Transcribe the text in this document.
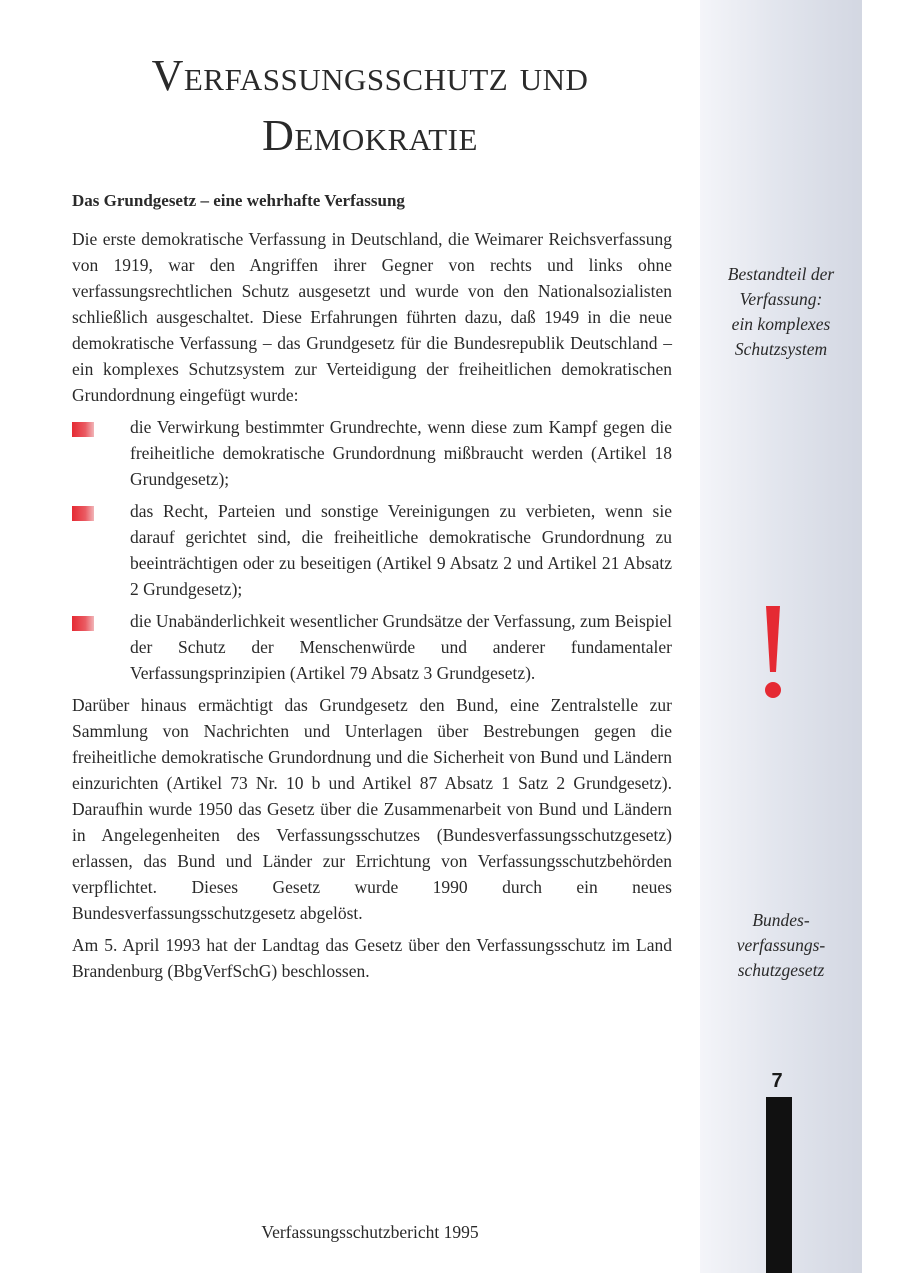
Verfassungsschutz und
Demokratie

Das Grundgesetz – eine wehrhafte Verfassung

Die erste demokratische Verfassung in Deutschland, die Weimarer Reichsverfassung von 1919, war den Angriffen ihrer Gegner von rechts und links ohne verfassungsrechtlichen Schutz ausgesetzt und wurde von den Nationalsozialisten schließlich ausgeschaltet. Diese Erfahrungen führten dazu, daß 1949 in die neue demokratische Verfassung – das Grundgesetz für die Bundesrepublik Deutschland – ein komplexes Schutzsystem zur Verteidigung der freiheitlichen demokratischen Grundordnung eingefügt wurde:

die Verwirkung bestimmter Grundrechte, wenn diese zum Kampf gegen die freiheitliche demokratische Grundordnung mißbraucht werden (Artikel 18 Grundgesetz);
das Recht, Parteien und sonstige Vereinigungen zu verbieten, wenn sie darauf gerichtet sind, die freiheitliche demokratische Grundordnung zu beeinträchtigen oder zu beseitigen (Artikel 9 Absatz 2 und Artikel 21 Absatz 2 Grundgesetz);
die Unabänderlichkeit wesentlicher Grundsätze der Verfassung, zum Beispiel der Schutz der Menschenwürde und anderer fundamentaler Verfassungsprinzipien (Artikel 79 Absatz 3 Grundgesetz).

Darüber hinaus ermächtigt das Grundgesetz den Bund, eine Zentralstelle zur Sammlung von Nachrichten und Unterlagen über Bestrebungen gegen die freiheitliche demokratische Grundordnung und die Sicherheit von Bund und Ländern einzurichten (Artikel 73 Nr. 10 b und Artikel 87 Absatz 1 Satz 2 Grundgesetz). Daraufhin wurde 1950 das Gesetz über die Zusammenarbeit von Bund und Ländern in Angelegenheiten des Verfassungsschutzes (Bundesverfassungsschutzgesetz) erlassen, das Bund und Länder zur Errichtung von Verfassungsschutzbehörden verpflichtet. Dieses Gesetz wurde 1990 durch ein neues Bundesverfassungsschutzgesetz abgelöst.

Am 5. April 1993 hat der Landtag das Gesetz über den Verfassungsschutz im Land Brandenburg (BbgVerfSchG) beschlossen.

Bestandteil der
Verfassung:
ein komplexes
Schutzsystem
Bundes-
verfassungs-
schutzgesetz
7
Verfassungsschutzbericht 1995
